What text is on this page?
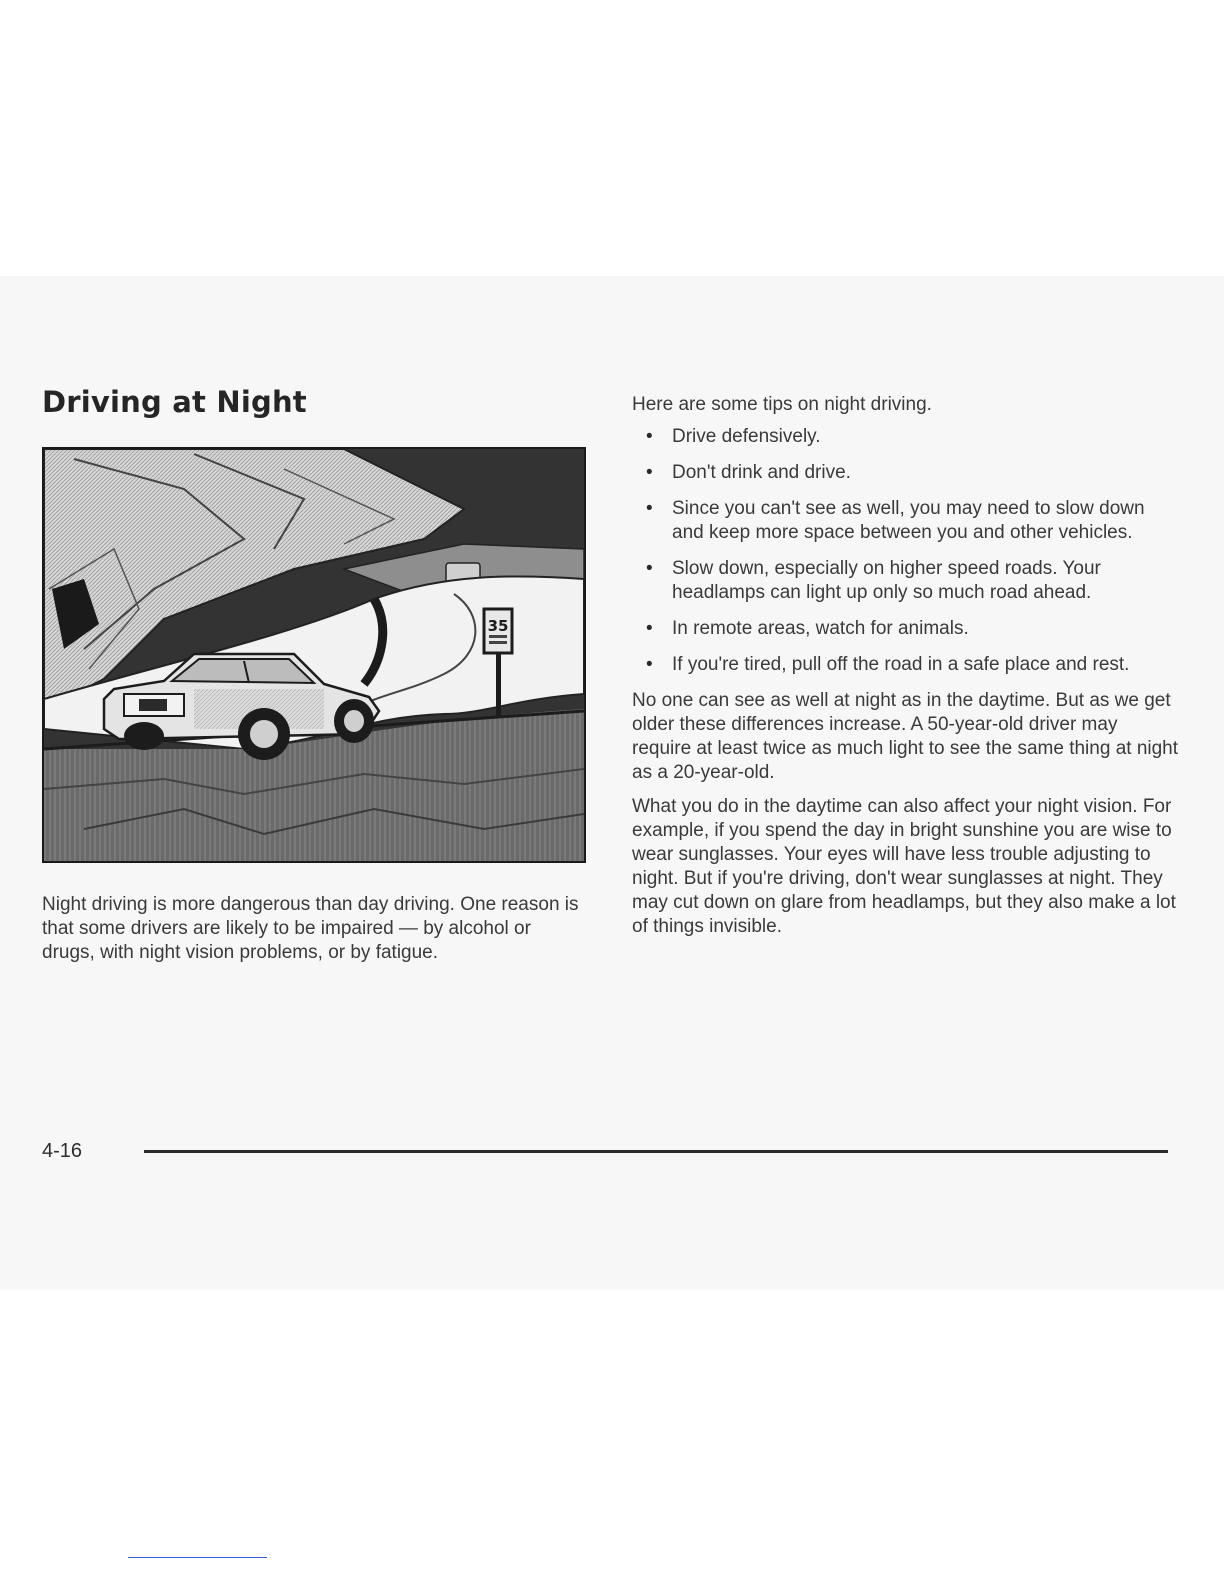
Driving at Night
35

Night driving is more dangerous than day driving. One reason is that some drivers are likely to be impaired — by alcohol or drugs, with night vision problems, or by fatigue.

Here are some tips on night driving.

• Drive defensively.
• Don't drink and drive.
• Since you can't see as well, you may need to slow down and keep more space between you and other vehicles.
• Slow down, especially on higher speed roads. Your headlamps can light up only so much road ahead.
• In remote areas, watch for animals.
• If you're tired, pull off the road in a safe place and rest.

No one can see as well at night as in the daytime. But as we get older these differences increase. A 50-year-old driver may require at least twice as much light to see the same thing at night as a 20-year-old.

What you do in the daytime can also affect your night vision. For example, if you spend the day in bright sunshine you are wise to wear sunglasses. Your eyes will have less trouble adjusting to night. But if you're driving, don't wear sunglasses at night. They may cut down on glare from headlamps, but they also make a lot of things invisible.

4-16
